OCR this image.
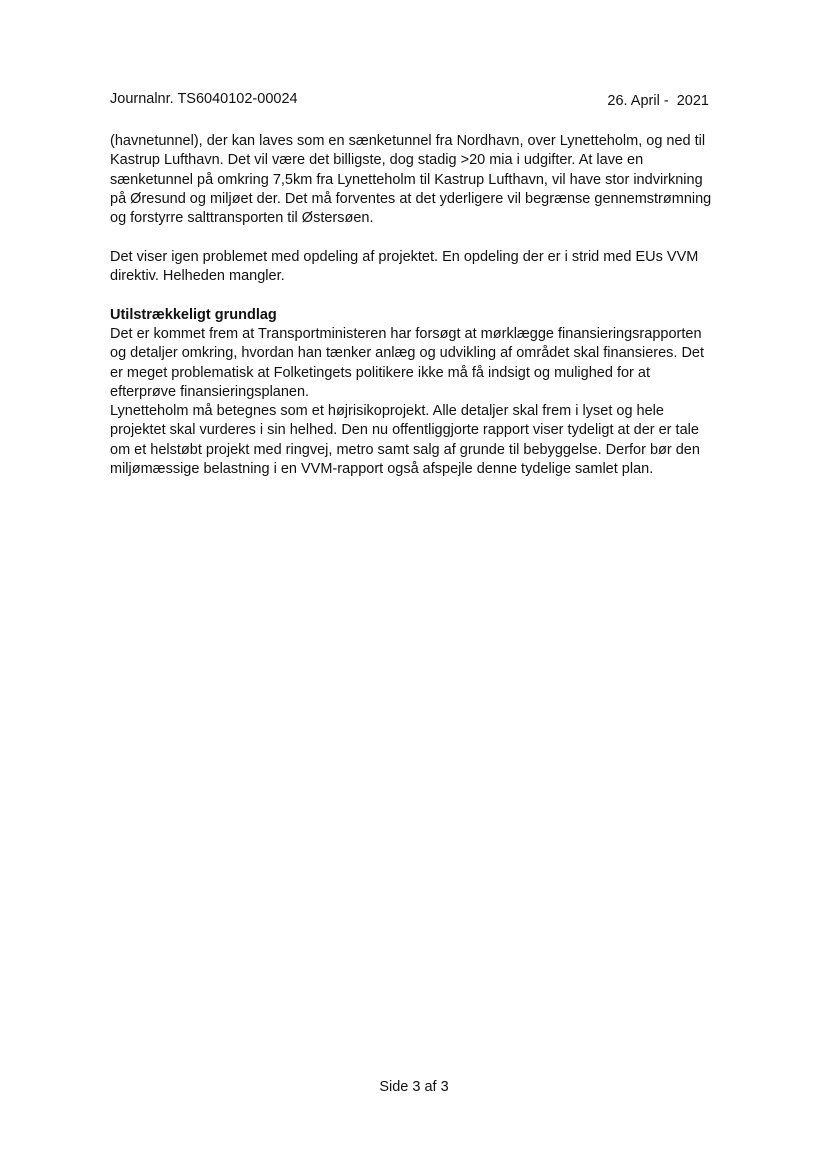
Journalnr. TS6040102-00024	26. April -  2021

(havnetunnel), der kan laves som en sænketunnel fra Nordhavn, over Lynetteholm, og ned til Kastrup Lufthavn. Det vil være det billigste, dog stadig >20 mia i udgifter. At lave en sænketunnel på omkring 7,5km fra Lynetteholm til Kastrup Lufthavn, vil have stor indvirkning på Øresund og miljøet der. Det må forventes at det yderligere vil begrænse gennemstrømning og forstyrre salttransporten til Østersøen.

Det viser igen problemet med opdeling af projektet. En opdeling der er i strid med EUs VVM direktiv. Helheden mangler.

Utilstrækkeligt grundlag

Det er kommet frem at Transportministeren har forsøgt at mørklægge finansieringsrapporten og detaljer omkring, hvordan han tænker anlæg og udvikling af området skal finansieres. Det er meget problematisk at Folketingets politikere ikke må få indsigt og mulighed for at efterprøve finansieringsplanen.

Lynetteholm må betegnes som et højrisikoprojekt. Alle detaljer skal frem i lyset og hele projektet skal vurderes i sin helhed. Den nu offentliggjorte rapport viser tydeligt at der er tale om et helstøbt projekt med ringvej, metro samt salg af grunde til bebyggelse. Derfor bør den miljømæssige belastning i en VVM-rapport også afspejle denne tydelige samlet plan.

Side 3 af 3
